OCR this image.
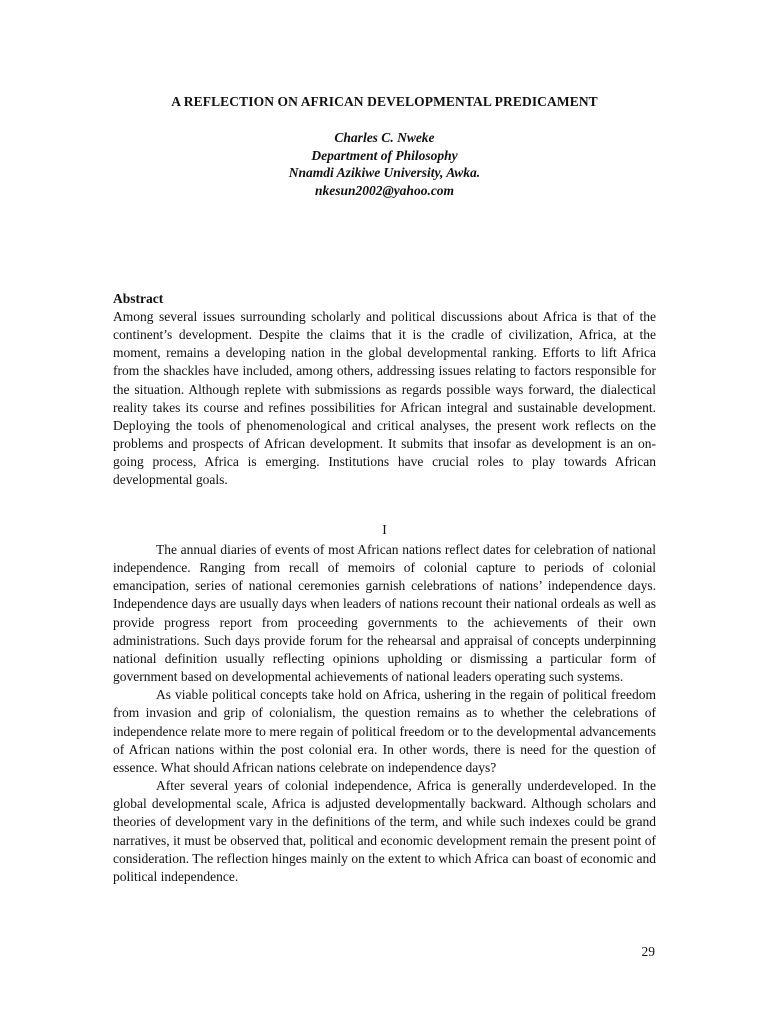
A REFLECTION ON AFRICAN DEVELOPMENTAL PREDICAMENT
Charles C. Nweke
Department of Philosophy
Nnamdi Azikiwe University, Awka.
nkesun2002@yahoo.com

Abstract

Among several issues surrounding scholarly and political discussions about Africa is that of the continent’s development. Despite the claims that it is the cradle of civilization, Africa, at the moment, remains a developing nation in the global developmental ranking. Efforts to lift Africa from the shackles have included, among others, addressing issues relating to factors responsible for the situation. Although replete with submissions as regards possible ways forward, the dialectical reality takes its course and refines possibilities for African integral and sustainable development. Deploying the tools of phenomenological and critical analyses, the present work reflects on the problems and prospects of African development. It submits that insofar as development is an on-going process, Africa is emerging. Institutions have crucial roles to play towards African developmental goals.

I

The annual diaries of events of most African nations reflect dates for celebration of national independence. Ranging from recall of memoirs of colonial capture to periods of colonial emancipation, series of national ceremonies garnish celebrations of nations’ independence days. Independence days are usually days when leaders of nations recount their national ordeals as well as provide progress report from proceeding governments to the achievements of their own administrations. Such days provide forum for the rehearsal and appraisal of concepts underpinning national definition usually reflecting opinions upholding or dismissing a particular form of government based on developmental achievements of national leaders operating such systems.

As viable political concepts take hold on Africa, ushering in the regain of political freedom from invasion and grip of colonialism, the question remains as to whether the celebrations of independence relate more to mere regain of political freedom or to the developmental advancements of African nations within the post colonial era. In other words, there is need for the question of essence. What should African nations celebrate on independence days?

After several years of colonial independence, Africa is generally underdeveloped. In the global developmental scale, Africa is adjusted developmentally backward. Although scholars and theories of development vary in the definitions of the term, and while such indexes could be grand narratives, it must be observed that, political and economic development remain the present point of consideration. The reflection hinges mainly on the extent to which Africa can boast of economic and political independence.

29
